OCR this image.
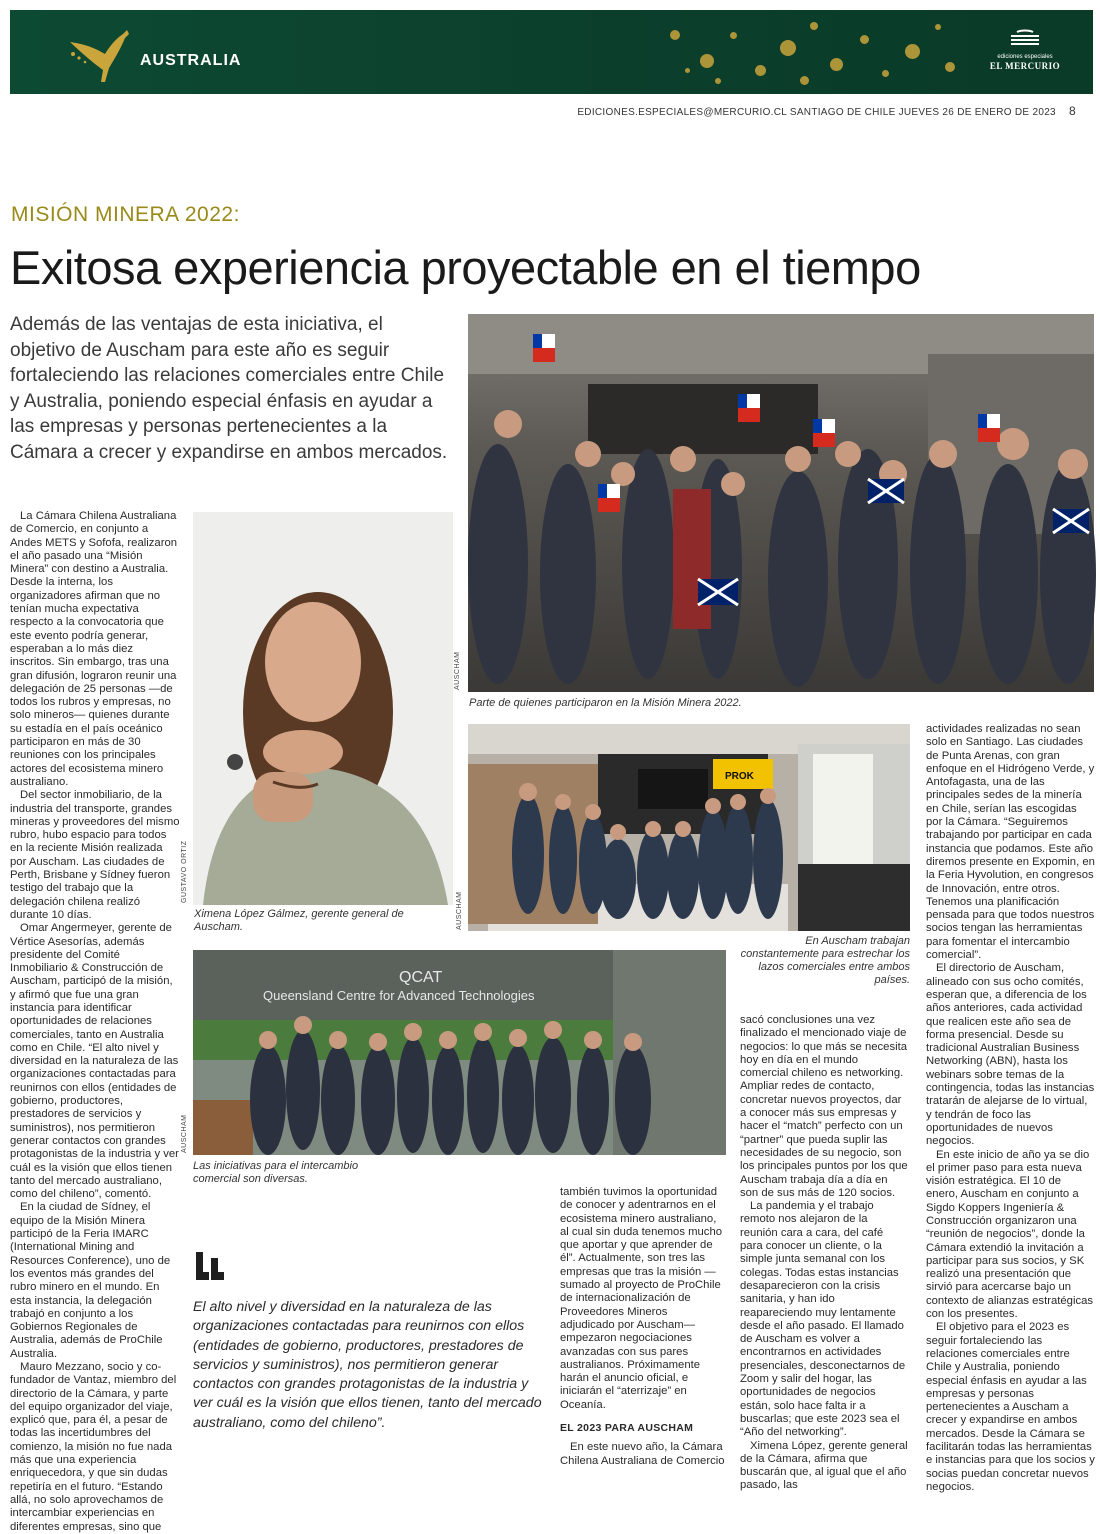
AUSTRALIA	ediciones especiales
EL MERCURIO
EDICIONES.ESPECIALES@MERCURIO.CL SANTIAGO DE CHILE JUEVES 26 DE ENERO DE 2023 8
MISIÓN MINERA 2022:
Exitosa experiencia proyectable en el tiempo
Además de las ventajas de esta iniciativa, el objetivo de Auscham para este año es seguir fortaleciendo las relaciones comerciales entre Chile y Australia, poniendo especial énfasis en ayudar a las empresas y personas pertenecientes a la Cámara a crecer y expandirse en ambos mercados.
AUSCHAM
Parte de quienes participaron en la Misión Minera 2022.
GUSTAVO ORTIZ
Ximena López Gálmez, gerente general de Auscham.
PROK
AUSCHAM
En Auscham trabajan constantemente para estrechar los lazos comerciales entre ambos países.
QCAT
Queensland Centre for Advanced Technologies
AUSCHAM
Las iniciativas para el intercambio comercial son diversas.

La Cámara Chilena Australiana de Comercio, en conjunto a Andes METS y Sofofa, realizaron el año pasado una “Misión Minera” con destino a Australia. Desde la interna, los organizadores afirman que no tenían mucha expectativa respecto a la convocatoria que este evento podría generar, esperaban a lo más diez inscritos. Sin embargo, tras una gran difusión, lograron reunir una delegación de 25 personas —de todos los rubros y empresas, no solo mineros— quienes durante su estadía en el país oceánico participaron en más de 30 reuniones con los principales actores del ecosistema minero australiano.

Del sector inmobiliario, de la industria del transporte, grandes mineras y proveedores del mismo rubro, hubo espacio para todos en la reciente Misión realizada por Auscham. Las ciudades de Perth, Brisbane y Sídney fueron testigo del trabajo que la delegación chilena realizó durante 10 días.

Omar Angermeyer, gerente de Vértice Asesorías, además presidente del Comité Inmobiliario & Construcción de Auscham, participó de la misión, y afirmó que fue una gran instancia para identificar oportunidades de relaciones comerciales, tanto en Australia como en Chile. “El alto nivel y diversidad en la naturaleza de las organizaciones contactadas para reunirnos con ellos (entidades de gobierno, productores, prestadores de servicios y suministros), nos permitieron generar contactos con grandes protagonistas de la industria y ver cuál es la visión que ellos tienen tanto del mercado australiano, como del chileno”, comentó.

En la ciudad de Sídney, el equipo de la Misión Minera participó de la Feria IMARC (International Mining and Resources Conference), uno de los eventos más grandes del rubro minero en el mundo. En esta instancia, la delegación trabajó en conjunto a los Gobiernos Regionales de Australia, además de ProChile Australia.

Mauro Mezzano, socio y co-fundador de Vantaz, miembro del directorio de la Cámara, y parte del equipo organizador del viaje, explicó que, para él, a pesar de todas las incertidumbres del comienzo, la misión no fue nada más que una experiencia enriquecedora, y que sin dudas repetiría en el futuro. “Estando allá, no solo aprovechamos de intercambiar experiencias en diferentes empresas, sino que

también tuvimos la oportunidad de conocer y adentrarnos en el ecosistema minero australiano, al cual sin duda tenemos mucho que aportar y que aprender de él”. Actualmente, son tres las empresas que tras la misión —sumado al proyecto de ProChile de internacionalización de Proveedores Mineros adjudicado por Auscham— empezaron negociaciones avanzadas con sus pares australianos. Próximamente harán el anuncio oficial, e iniciarán el “aterrizaje” en Oceanía.

EL 2023 PARA AUSCHAM

En este nuevo año, la Cámara Chilena Australiana de Comercio

sacó conclusiones una vez finalizado el mencionado viaje de negocios: lo que más se necesita hoy en día en el mundo comercial chileno es networking. Ampliar redes de contacto, concretar nuevos proyectos, dar a conocer más sus empresas y hacer el “match” perfecto con un “partner” que pueda suplir las necesidades de su negocio, son los principales puntos por los que Auscham trabaja día a día en son de sus más de 120 socios.

La pandemia y el trabajo remoto nos alejaron de la reunión cara a cara, del café para conocer un cliente, o la simple junta semanal con los colegas. Todas estas instancias desaparecieron con la crisis sanitaria, y han ido reapareciendo muy lentamente desde el año pasado. El llamado de Auscham es volver a encontrarnos en actividades presenciales, desconectarnos de Zoom y salir del hogar, las oportunidades de negocios están, solo hace falta ir a buscarlas; que este 2023 sea el “Año del networking”.

Ximena López, gerente general de la Cámara, afirma que buscarán que, al igual que el año pasado, las

actividades realizadas no sean solo en Santiago. Las ciudades de Punta Arenas, con gran enfoque en el Hidrógeno Verde, y Antofagasta, una de las principales sedes de la minería en Chile, serían las escogidas por la Cámara. “Seguiremos trabajando por participar en cada instancia que podamos. Este año diremos presente en Expomin, en la Feria Hyvolution, en congresos de Innovación, entre otros. Tenemos una planificación pensada para que todos nuestros socios tengan las herramientas para fomentar el intercambio comercial”.

El directorio de Auscham, alineado con sus ocho comités, esperan que, a diferencia de los años anteriores, cada actividad que realicen este año sea de forma presencial. Desde su tradicional Australian Business Networking (ABN), hasta los webinars sobre temas de la contingencia, todas las instancias tratarán de alejarse de lo virtual, y tendrán de foco las oportunidades de nuevos negocios.

En este inicio de año ya se dio el primer paso para esta nueva visión estratégica. El 10 de enero, Auscham en conjunto a Sigdo Koppers Ingeniería & Construcción organizaron una “reunión de negocios”, donde la Cámara extendió la invitación a participar para sus socios, y SK realizó una presentación que sirvió para acercarse bajo un contexto de alianzas estratégicas con los presentes.

El objetivo para el 2023 es seguir fortaleciendo las relaciones comerciales entre Chile y Australia, poniendo especial énfasis en ayudar a las empresas y personas pertenecientes a Auscham a crecer y expandirse en ambos mercados. Desde la Cámara se facilitarán todas las herramientas e instancias para que los socios y socias puedan concretar nuevos negocios.

El alto nivel y diversidad en la naturaleza de las organizaciones contactadas para reunirnos con ellos (entidades de gobierno, productores, prestadores de servicios y suministros), nos permitieron generar contactos con grandes protagonistas de la industria y ver cuál es la visión que ellos tienen, tanto del mercado australiano, como del chileno”.
